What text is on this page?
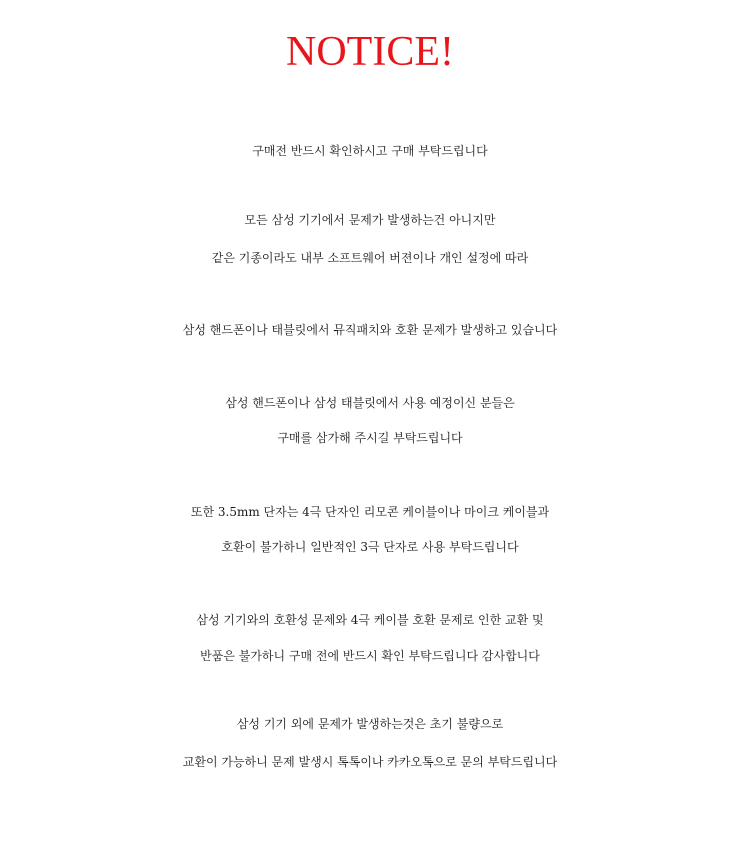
NOTICE!

구매전 반드시 확인하시고 구매 부탁드립니다

모든 삼성 기기에서 문제가 발생하는건 아니지만

같은 기종이라도 내부 소프트웨어 버젼이나 개인 설정에 따라

삼성 핸드폰이나 태블릿에서 뮤직패치와 호환 문제가 발생하고 있습니다

삼성 핸드폰이나 삼성 태블릿에서 사용 예정이신 분들은

구매를 삼가해 주시길 부탁드립니다

또한 3.5mm 단자는 4극 단자인 리모콘 케이블이나 마이크 케이블과

호환이 불가하니 일반적인 3극 단자로 사용 부탁드립니다

삼성 기기와의 호환성 문제와 4극 케이블 호환 문제로 인한 교환 및

반품은 불가하니 구매 전에 반드시 확인 부탁드립니다 감사합니다

삼성 기기 외에 문제가 발생하는것은 초기 불량으로

교환이 가능하니 문제 발생시 톡톡이나 카카오톡으로 문의 부탁드립니다
